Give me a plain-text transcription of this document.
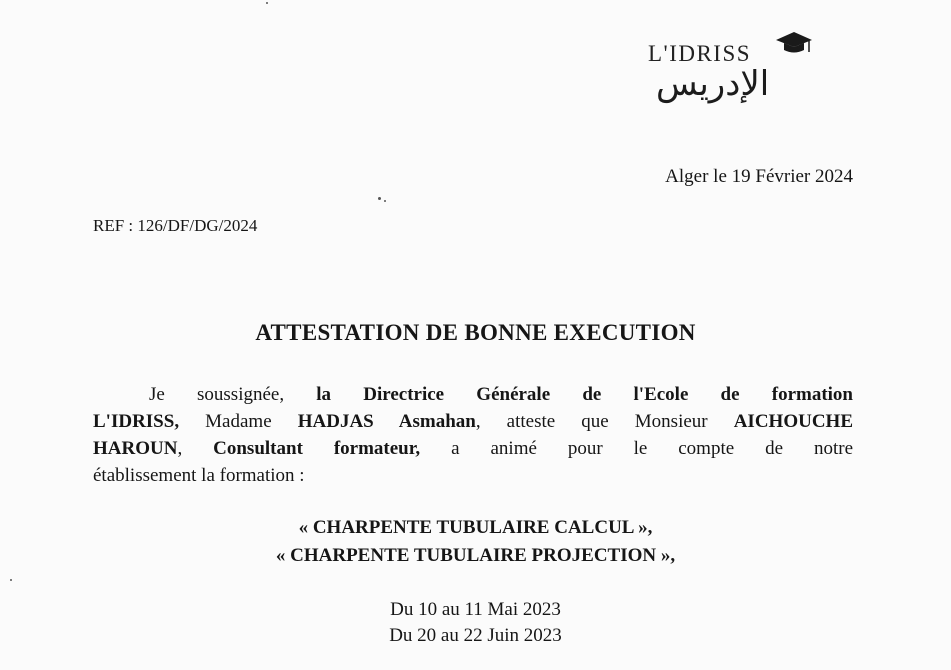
L'IDRISS
الإدريس
Alger le 19 Février 2024
REF : 126/DF/DG/2024
ATTESTATION DE BONNE EXECUTION
Je soussignée, la Directrice Générale de l'Ecole de formation
L'IDRISS, Madame HADJAS Asmahan, atteste que Monsieur AICHOUCHE
HAROUN, Consultant formateur, a animé pour le compte de notre
établissement la formation :
« CHARPENTE TUBULAIRE CALCUL »,
« CHARPENTE TUBULAIRE PROJECTION »,
Du 10 au 11 Mai 2023
Du 20 au 22 Juin 2023
